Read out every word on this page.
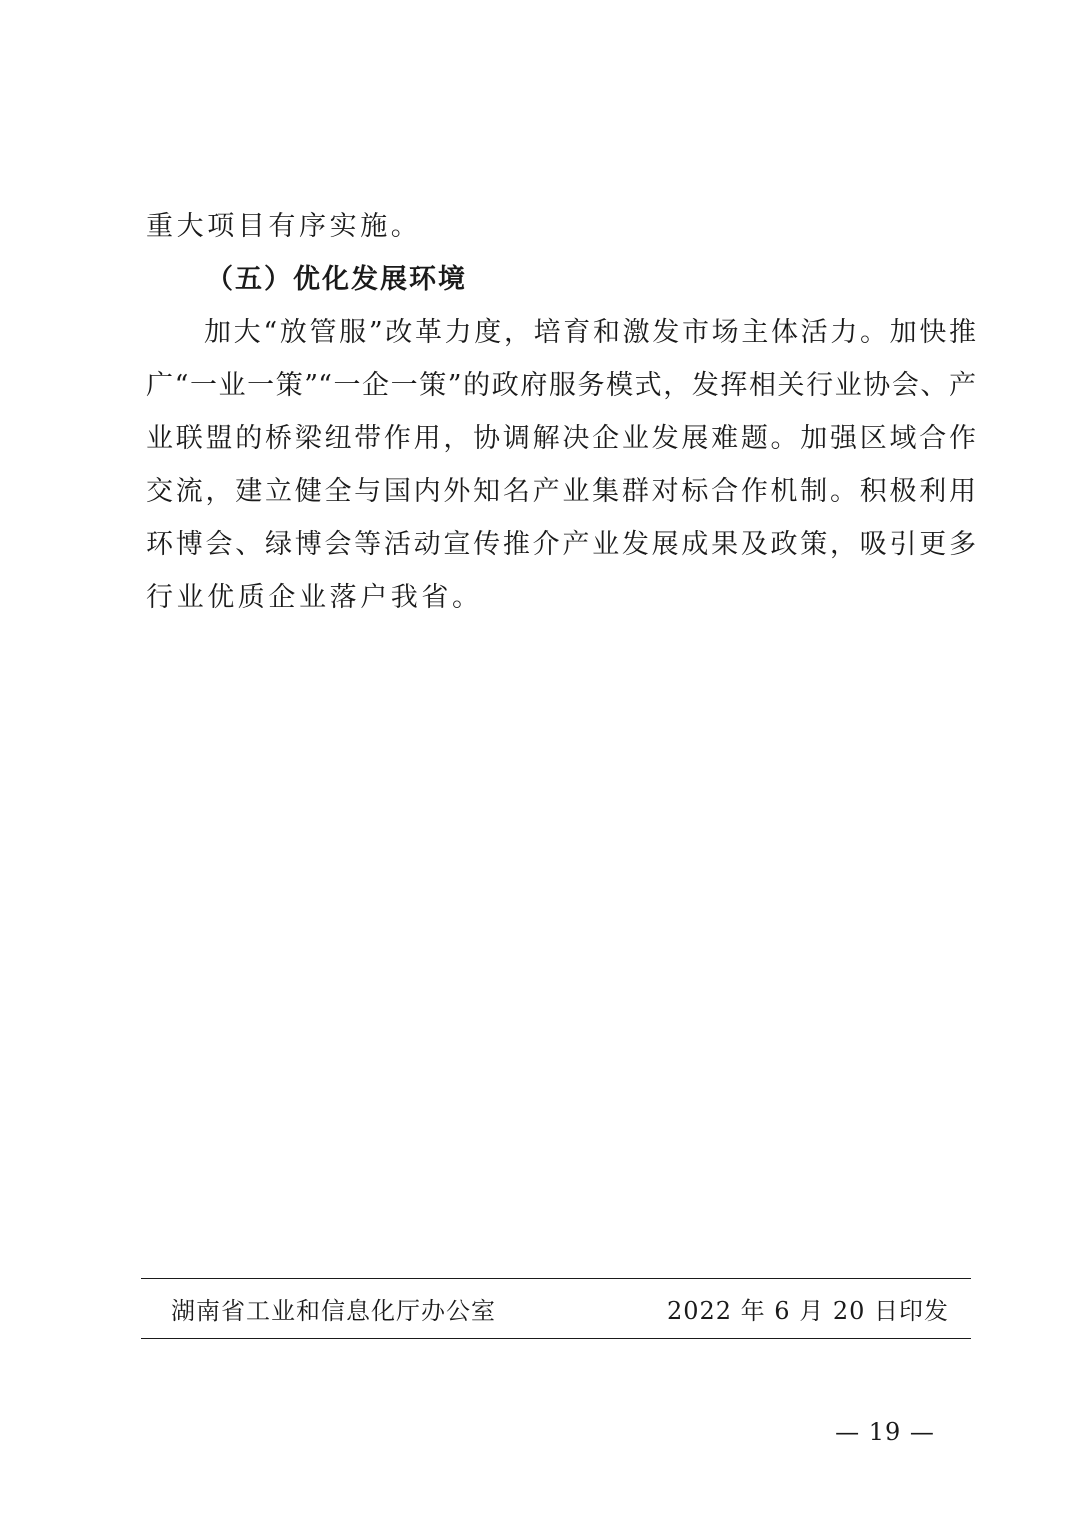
重大项目有序实施。
（五）优化发展环境
加大“放管服”改革力度，培育和激发市场主体活力。加快推
广“一业一策”“一企一策”的政府服务模式，发挥相关行业协会、产
业联盟的桥梁纽带作用，协调解决企业发展难题。加强区域合作
交流，建立健全与国内外知名产业集群对标合作机制。积极利用
环博会、绿博会等活动宣传推介产业发展成果及政策，吸引更多
行业优质企业落户我省。
湖南省工业和信息化厅办公室	2022 年 6 月 20 日印发
— 19 —
